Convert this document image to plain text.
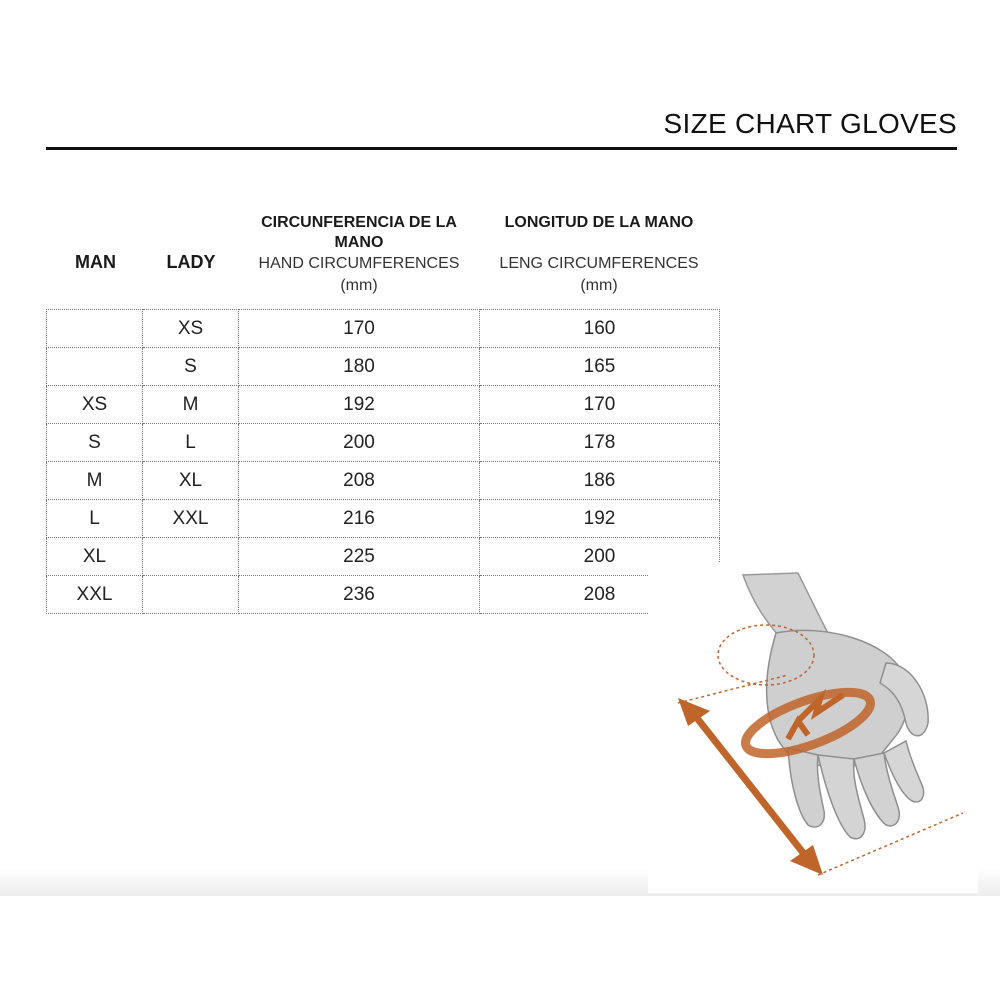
SIZE CHART GLOVES
MAN	LADY
CIRCUNFERENCIA DE LA MANO
HAND CIRCUMFERENCES
(mm)
LONGITUD DE LA MANO
LENG CIRCUMFERENCES
(mm)
	XS	170	160
	S	180	165
XS	M	192	170
S	L	200	178
M	XL	208	186
L	XXL	216	192
XL		225	200
XXL		236	208
